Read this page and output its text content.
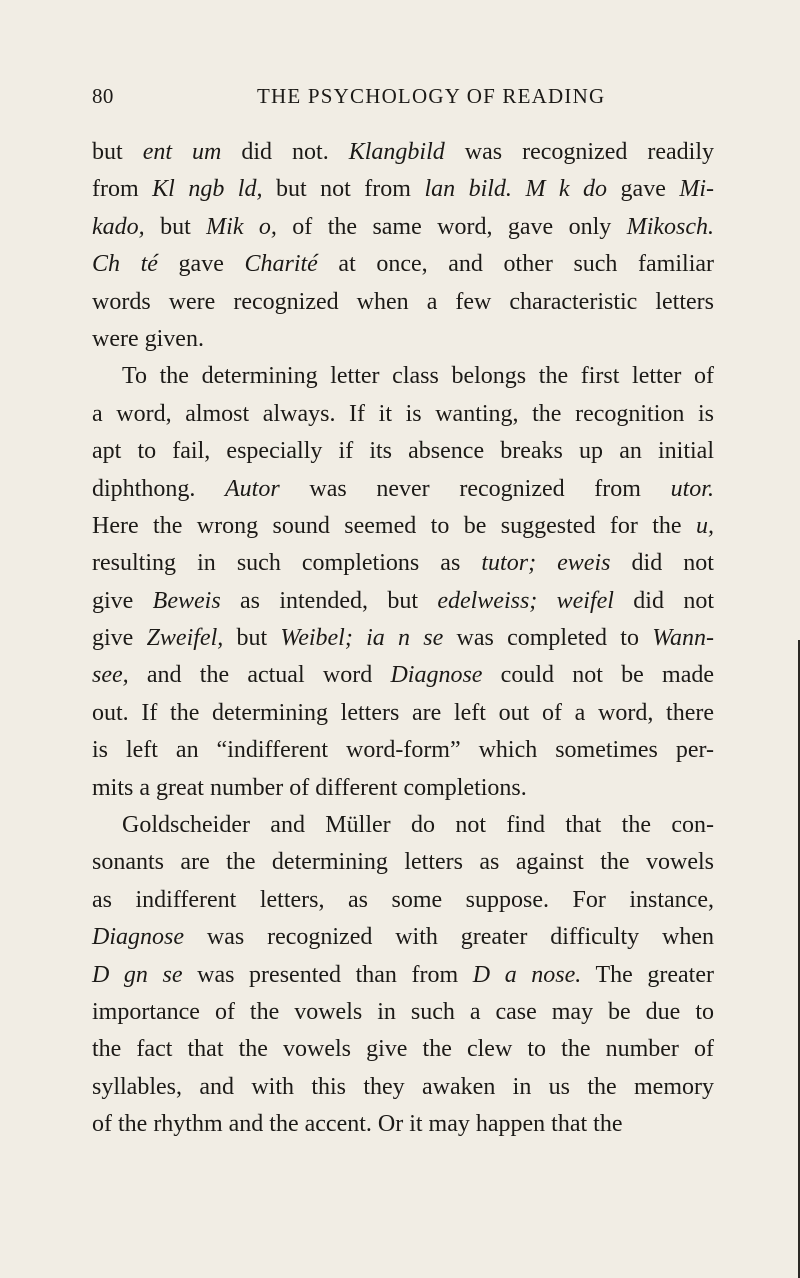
80	THE PSYCHOLOGY OF READING
but ent um did not. Klangbild was recognized readily
from Kl ngb ld, but not from lan bild. M k do gave Mi-
kado, but Mik o, of the same word, gave only Mikosch.
Ch té gave Charité at once, and other such familiar
words were recognized when a few characteristic letters
were given.
To the determining letter class belongs the first letter of
a word, almost always. If it is wanting, the recognition is
apt to fail, especially if its absence breaks up an initial
diphthong. Autor was never recognized from utor.
Here the wrong sound seemed to be suggested for the u,
resulting in such completions as tutor; eweis did not
give Beweis as intended, but edelweiss; weifel did not
give Zweifel, but Weibel; ia n se was completed to Wann-
see, and the actual word Diagnose could not be made
out. If the determining letters are left out of a word, there
is left an “indifferent word-form” which sometimes per-
mits a great number of different completions.
Goldscheider and Müller do not find that the con-
sonants are the determining letters as against the vowels
as indifferent letters, as some suppose. For instance,
Diagnose was recognized with greater difficulty when
D gn se was presented than from D a nose. The greater
importance of the vowels in such a case may be due to
the fact that the vowels give the clew to the number of
syllables, and with this they awaken in us the memory
of the rhythm and the accent. Or it may happen that the
